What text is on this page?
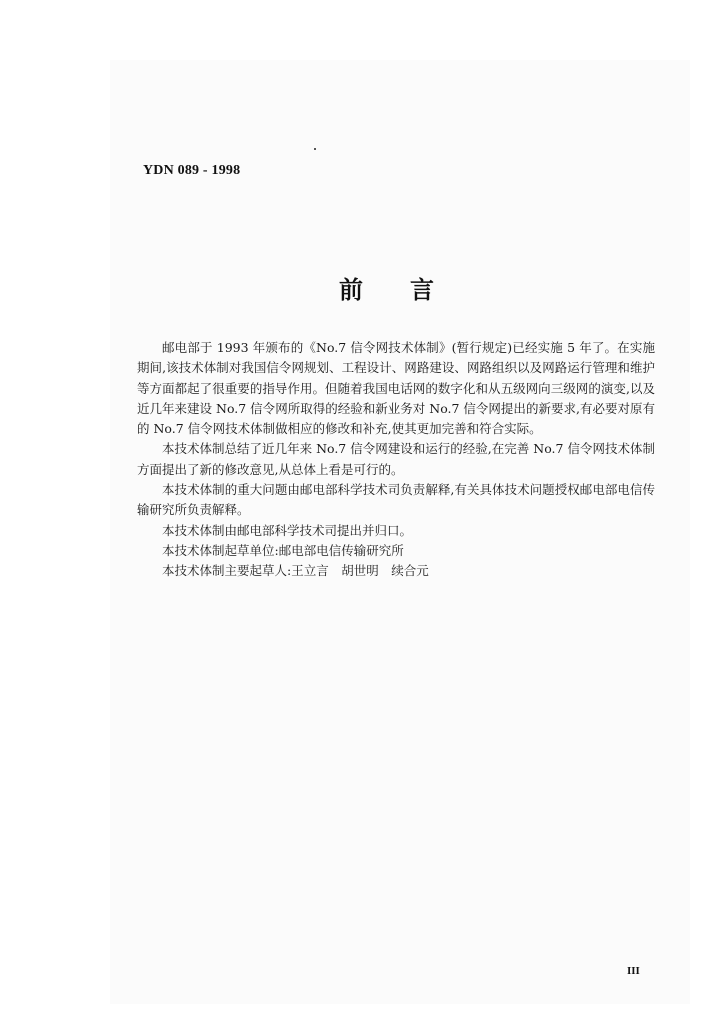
YDN 089 - 1998
前 言

邮电部于 1993 年颁布的《No.7 信令网技术体制》(暂行规定)已经实施 5 年了。在实施期间,该技术体制对我国信令网规划、工程设计、网路建设、网路组织以及网路运行管理和维护等方面都起了很重要的指导作用。但随着我国电话网的数字化和从五级网向三级网的演变,以及近几年来建设 No.7 信令网所取得的经验和新业务对 No.7 信令网提出的新要求,有必要对原有的 No.7 信令网技术体制做相应的修改和补充,使其更加完善和符合实际。

本技术体制总结了近几年来 No.7 信令网建设和运行的经验,在完善 No.7 信令网技术体制方面提出了新的修改意见,从总体上看是可行的。

本技术体制的重大问题由邮电部科学技术司负责解释,有关具体技术问题授权邮电部电信传输研究所负责解释。

本技术体制由邮电部科学技术司提出并归口。

本技术体制起草单位:邮电部电信传输研究所

本技术体制主要起草人:王立言　胡世明　续合元

III
